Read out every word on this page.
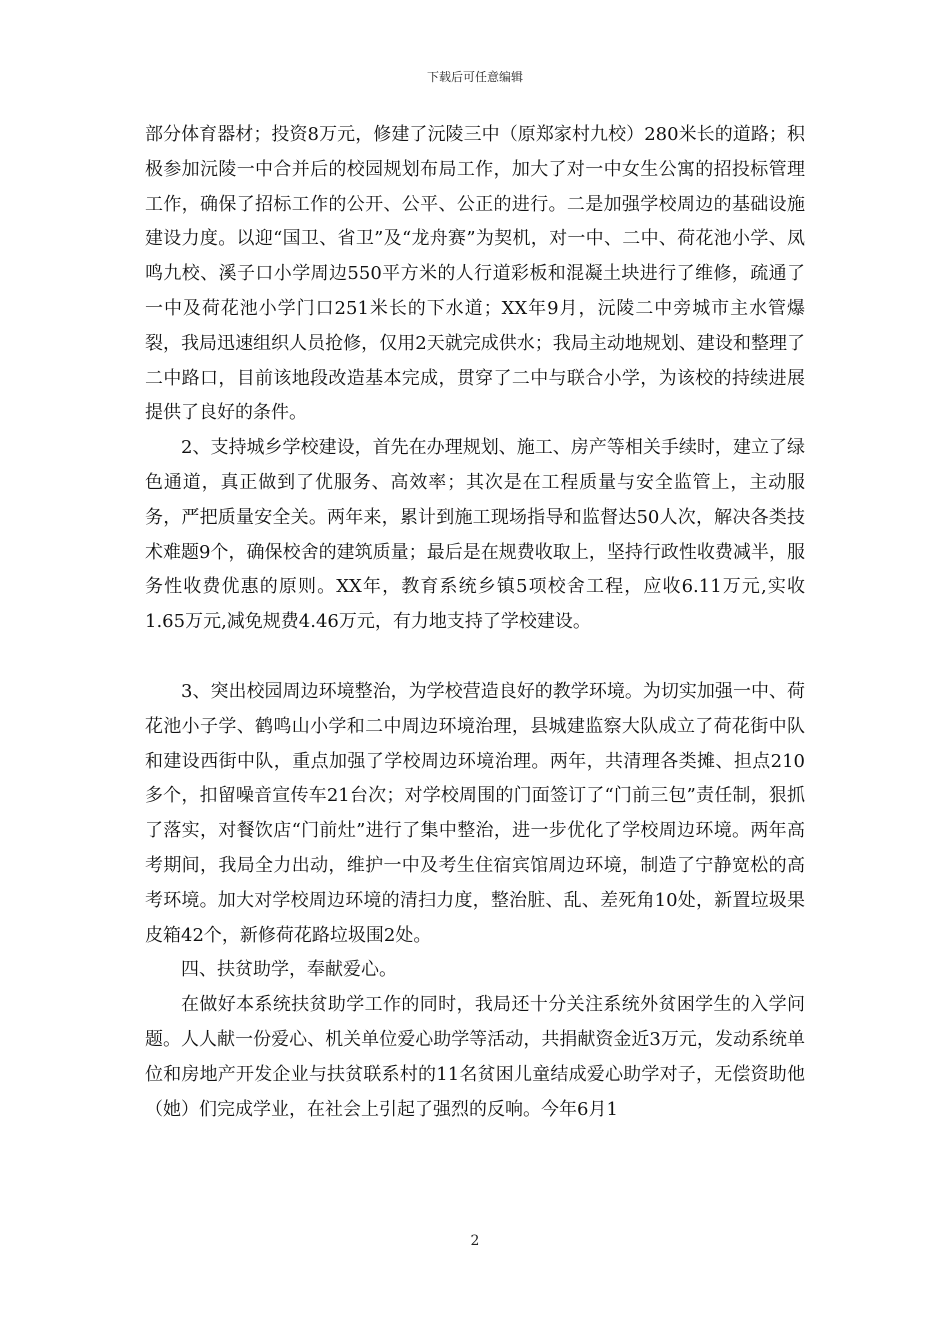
下载后可任意编辑

部分体育器材；投资8万元，修建了沅陵三中（原郑家村九校）280米长的道路；积极参加沅陵一中合并后的校园规划布局工作，加大了对一中女生公寓的招投标管理工作，确保了招标工作的公开、公平、公正的进行。二是加强学校周边的基础设施建设力度。以迎“国卫、省卫”及“龙舟赛”为契机，对一中、二中、荷花池小学、凤鸣九校、溪子口小学周边550平方米的人行道彩板和混凝土块进行了维修，疏通了一中及荷花池小学门口251米长的下水道；XX年9月，沅陵二中旁城市主水管爆裂，我局迅速组织人员抢修，仅用2天就完成供水；我局主动地规划、建设和整理了二中路口，目前该地段改造基本完成，贯穿了二中与联合小学，为该校的持续进展提供了良好的条件。

2、支持城乡学校建设，首先在办理规划、施工、房产等相关手续时，建立了绿色通道，真正做到了优服务、高效率；其次是在工程质量与安全监管上，主动服务，严把质量安全关。两年来，累计到施工现场指导和监督达50人次，解决各类技术难题9个，确保校舍的建筑质量；最后是在规费收取上，坚持行政性收费减半，服务性收费优惠的原则。XX年，教育系统乡镇5项校舍工程，应收6.11万元,实收1.65万元,减免规费4.46万元，有力地支持了学校建设。

3、突出校园周边环境整治，为学校营造良好的教学环境。为切实加强一中、荷花池小子学、鹤鸣山小学和二中周边环境治理，县城建监察大队成立了荷花街中队和建设西街中队，重点加强了学校周边环境治理。两年，共清理各类摊、担点210多个，扣留噪音宣传车21台次；对学校周围的门面签订了“门前三包”责任制，狠抓了落实，对餐饮店“门前灶”进行了集中整治，进一步优化了学校周边环境。两年高考期间，我局全力出动，维护一中及考生住宿宾馆周边环境，制造了宁静宽松的高考环境。加大对学校周边环境的清扫力度，整治脏、乱、差死角10处，新置垃圾果皮箱42个，新修荷花路垃圾围2处。

四、扶贫助学，奉献爱心。

在做好本系统扶贫助学工作的同时，我局还十分关注系统外贫困学生的入学问题。人人献一份爱心、机关单位爱心助学等活动，共捐献资金近3万元，发动系统单位和房地产开发企业与扶贫联系村的11名贫困儿童结成爱心助学对子，无偿资助他（她）们完成学业，在社会上引起了强烈的反响。今年6月1

2
